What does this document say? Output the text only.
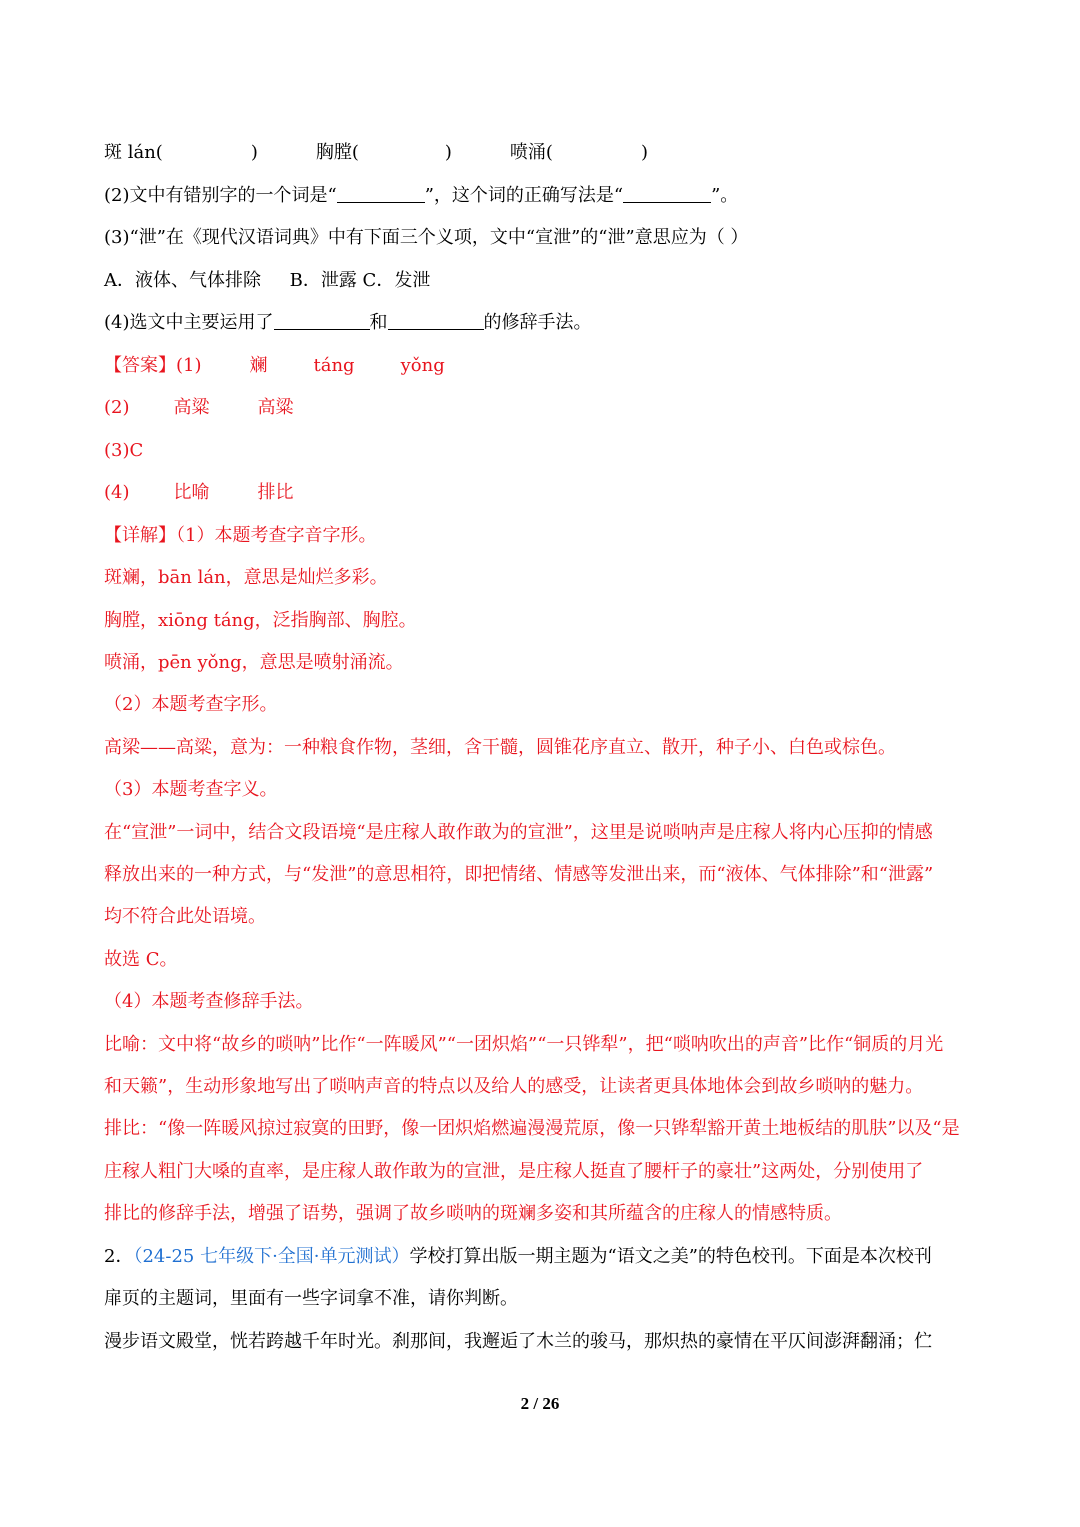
斑 lán(	)	胸膛(	)	喷涌(	)
(2)文中有错别字的一个词是“	”，这个词的正确写法是“	”。
(3)“泄”在《现代汉语词典》中有下面三个义项，文中“宣泄”的“泄”意思应为（ ）
A．液体、气体排除     B．泄露 C．发泄
(4)选文中主要运用了	和	的修辞手法。
【答案】(1)	斓	táng	yǒng
(2) 高粱	高粱
(3)C
(4) 比喻	排比
【详解】（1）本题考查字音字形。
斑斓，bān lán，意思是灿烂多彩。
胸膛，xiōng táng，泛指胸部、胸腔。
喷涌，pēn yǒng，意思是喷射涌流。
（2）本题考查字形。
高梁——高粱，意为：一种粮食作物，茎细，含干髓，圆锥花序直立、散开，种子小、白色或棕色。
（3）本题考查字义。
在“宣泄”一词中，结合文段语境“是庄稼人敢作敢为的宣泄”，这里是说唢呐声是庄稼人将内心压抑的情感
释放出来的一种方式，与“发泄”的意思相符，即把情绪、情感等发泄出来，而“液体、气体排除”和“泄露”
均不符合此处语境。
故选 C。
（4）本题考查修辞手法。
比喻：文中将“故乡的唢呐”比作“一阵暖风”“一团炽焰”“一只铧犁”，把“唢呐吹出的声音”比作“铜质的月光
和天籁”，生动形象地写出了唢呐声音的特点以及给人的感受，让读者更具体地体会到故乡唢呐的魅力。
排比：“像一阵暖风掠过寂寞的田野，像一团炽焰燃遍漫漫荒原，像一只铧犁豁开黄土地板结的肌肤”以及“是
庄稼人粗门大嗓的直率，是庄稼人敢作敢为的宣泄，是庄稼人挺直了腰杆子的豪壮”这两处，分别使用了
排比的修辞手法，增强了语势，强调了故乡唢呐的斑斓多姿和其所蕴含的庄稼人的情感特质。
2．（24-25 七年级下·全国·单元测试）学校打算出版一期主题为“语文之美”的特色校刊。下面是本次校刊
扉页的主题词，里面有一些字词拿不准，请你判断。
漫步语文殿堂，恍若跨越千年时光。刹那间，我邂逅了木兰的骏马，那炽热的豪情在平仄间澎湃翻涌；伫
2 / 26
